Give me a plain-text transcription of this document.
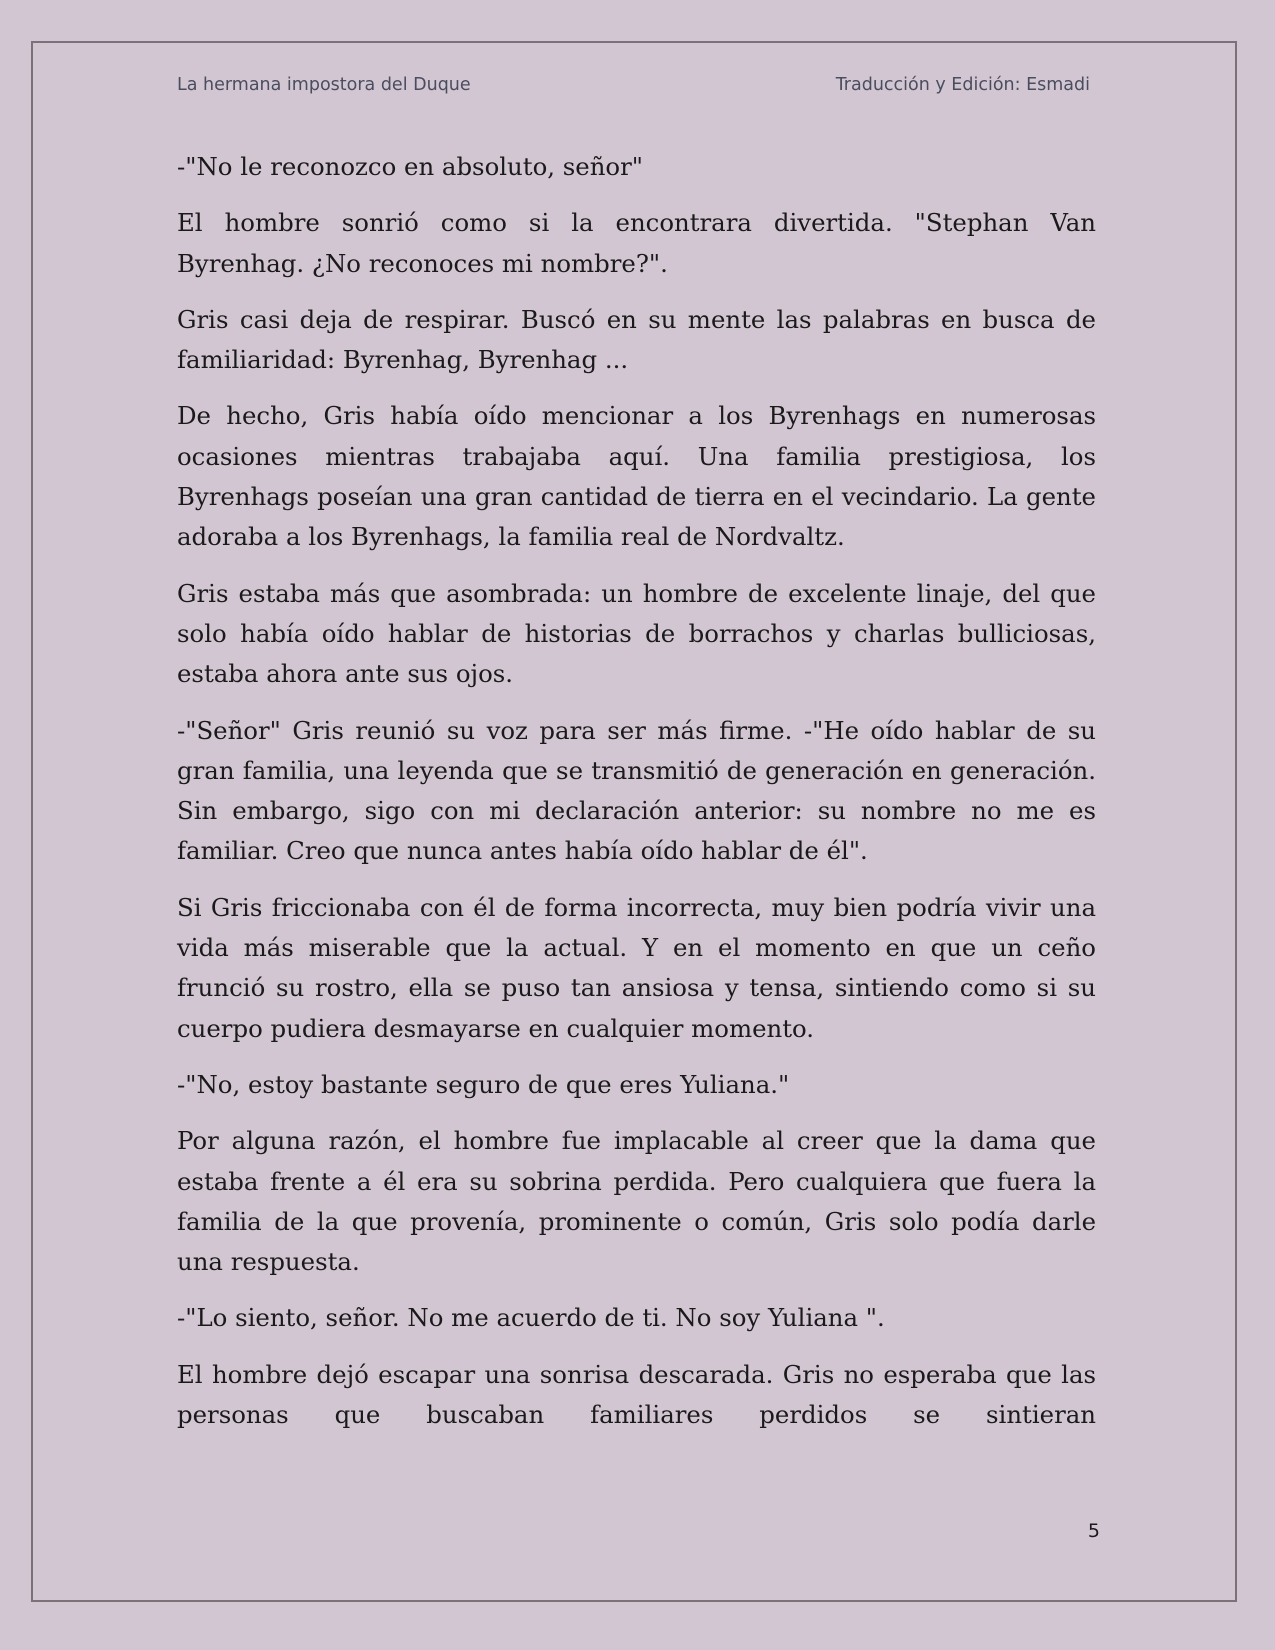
La hermana impostora del Duque	Traducción y Edición: Esmadi

-"No le reconozco en absoluto, señor"

El hombre sonrió como si la encontrara divertida. "Stephan Van Byrenhag. ¿No reconoces mi nombre?".

Gris casi deja de respirar. Buscó en su mente las palabras en busca de familiaridad: Byrenhag, Byrenhag ...

De hecho, Gris había oído mencionar a los Byrenhags en numerosas ocasiones mientras trabajaba aquí. Una familia prestigiosa, los Byrenhags poseían una gran cantidad de tierra en el vecindario. La gente adoraba a los Byrenhags, la familia real de Nordvaltz.

Gris estaba más que asombrada: un hombre de excelente linaje, del que solo había oído hablar de historias de borrachos y charlas bulliciosas, estaba ahora ante sus ojos.

-"Señor" Gris reunió su voz para ser más firme. -"He oído hablar de su gran familia, una leyenda que se transmitió de generación en generación. Sin embargo, sigo con mi declaración anterior: su nombre no me es familiar. Creo que nunca antes había oído hablar de él".

Si Gris friccionaba con él de forma incorrecta, muy bien podría vivir una vida más miserable que la actual. Y en el momento en que un ceño frunció su rostro, ella se puso tan ansiosa y tensa, sintiendo como si su cuerpo pudiera desmayarse en cualquier momento.

-"No, estoy bastante seguro de que eres Yuliana."

Por alguna razón, el hombre fue implacable al creer que la dama que estaba frente a él era su sobrina perdida. Pero cualquiera que fuera la familia de la que provenía, prominente o común, Gris solo podía darle una respuesta.

-"Lo siento, señor. No me acuerdo de ti. No soy Yuliana ".

El hombre dejó escapar una sonrisa descarada. Gris no esperaba que las personas que buscaban familiares perdidos se sintieran

5
